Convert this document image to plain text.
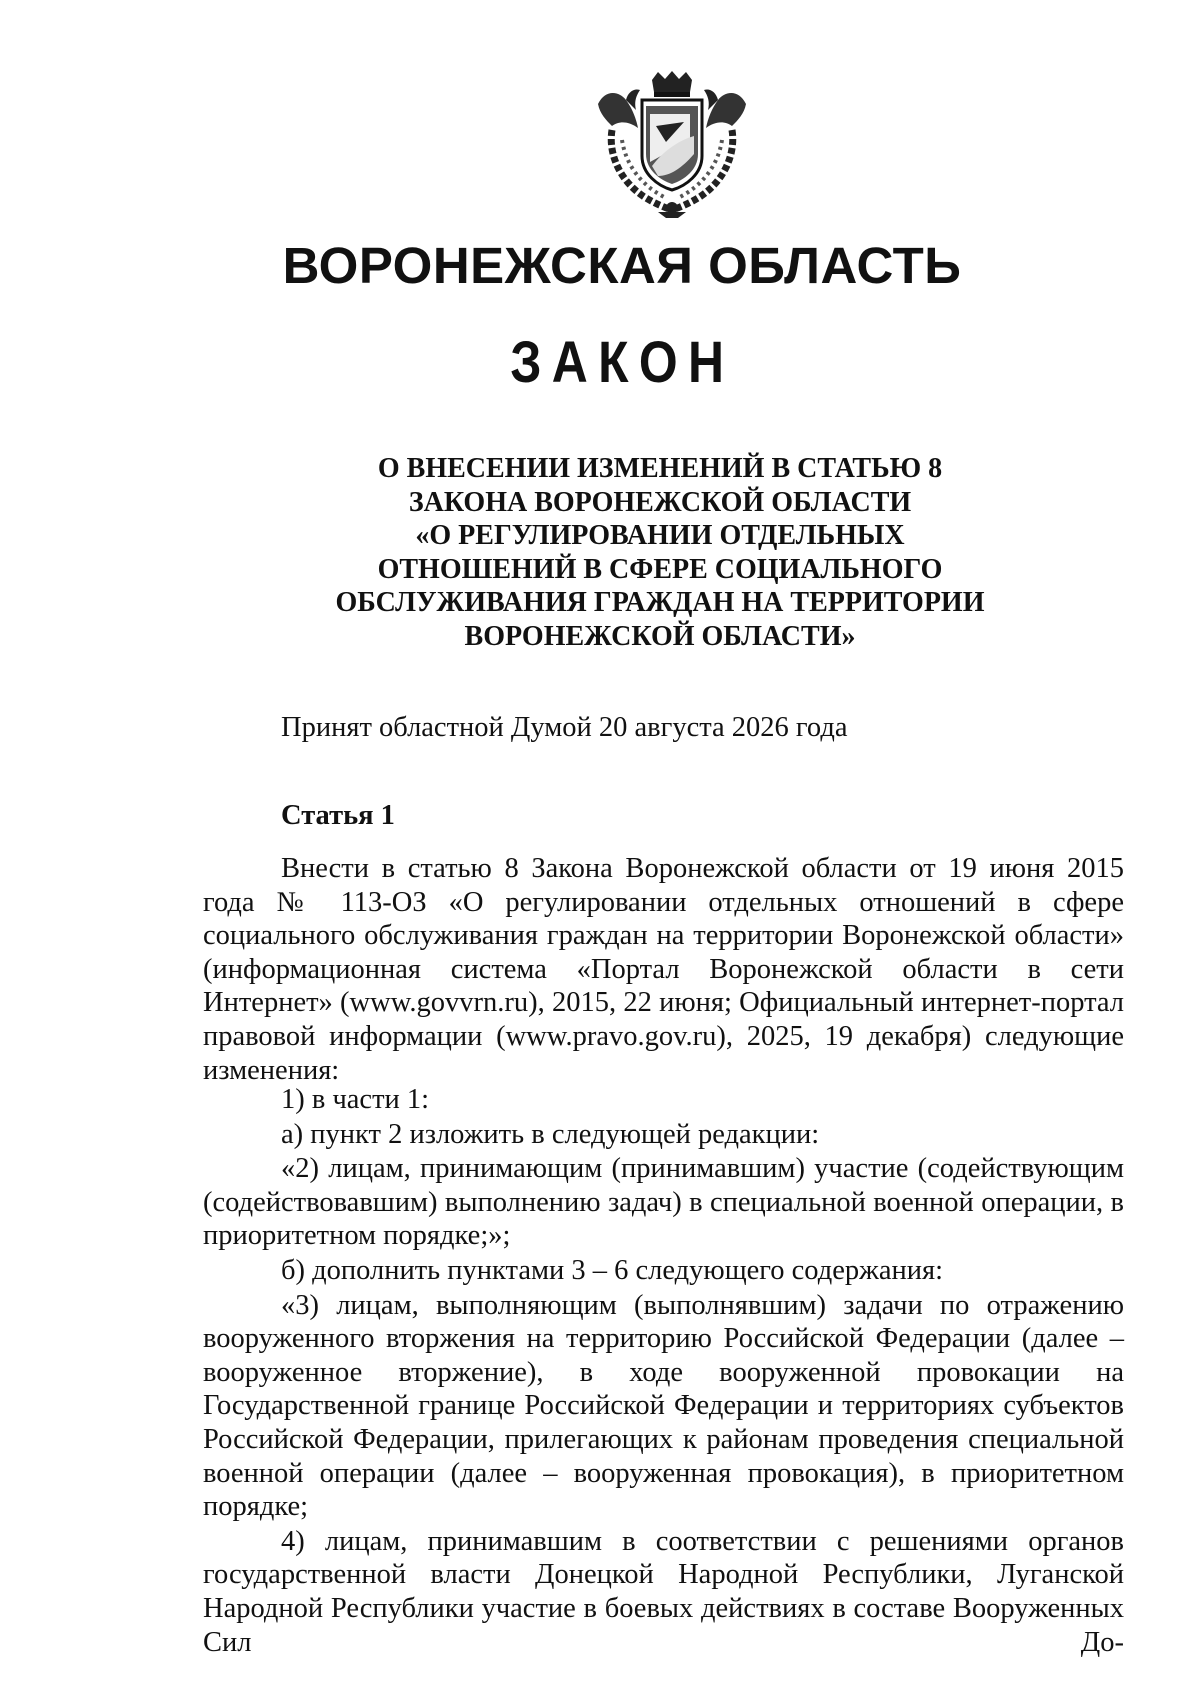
ВОРОНЕЖСКАЯ ОБЛАСТЬ
ЗАКОН
О ВНЕСЕНИИ ИЗМЕНЕНИЙ В СТАТЬЮ 8
ЗАКОНА ВОРОНЕЖСКОЙ ОБЛАСТИ
«О РЕГУЛИРОВАНИИ ОТДЕЛЬНЫХ
ОТНОШЕНИЙ В СФЕРЕ СОЦИАЛЬНОГО
ОБСЛУЖИВАНИЯ ГРАЖДАН НА ТЕРРИТОРИИ
ВОРОНЕЖСКОЙ ОБЛАСТИ»
Принят областной Думой 20 августа 2026 года
Статья 1

Внести в статью 8 Закона Воронежской области от 19 июня 2015 года № 113-ОЗ «О регулировании отдельных отношений в сфере социального обслуживания граждан на территории Воронежской области» (информационная система «Портал Воронежской области в сети Интернет» (www.govvrn.ru), 2015, 22 июня; Официальный интернет-портал правовой информации (www.pravo.gov.ru), 2025, 19 декабря) следующие изменения:

1) в части 1:

а) пункт 2 изложить в следующей редакции:

«2) лицам, принимающим (принимавшим) участие (содействующим (содействовавшим) выполнению задач) в специальной военной операции, в приоритетном порядке;»;

б) дополнить пунктами 3 – 6 следующего содержания:

«3) лицам, выполняющим (выполнявшим) задачи по отражению вооруженного вторжения на территорию Российской Федерации (далее – вооруженное вторжение), в ходе вооруженной провокации на Государственной границе Российской Федерации и территориях субъектов Российской Федерации, прилегающих к районам проведения специальной военной операции (далее – вооруженная провокация), в приоритетном порядке;

4) лицам, принимавшим в соответствии с решениями органов государственной власти Донецкой Народной Республики, Луганской Народной Республики участие в боевых действиях в составе Вооруженных Сил До-
